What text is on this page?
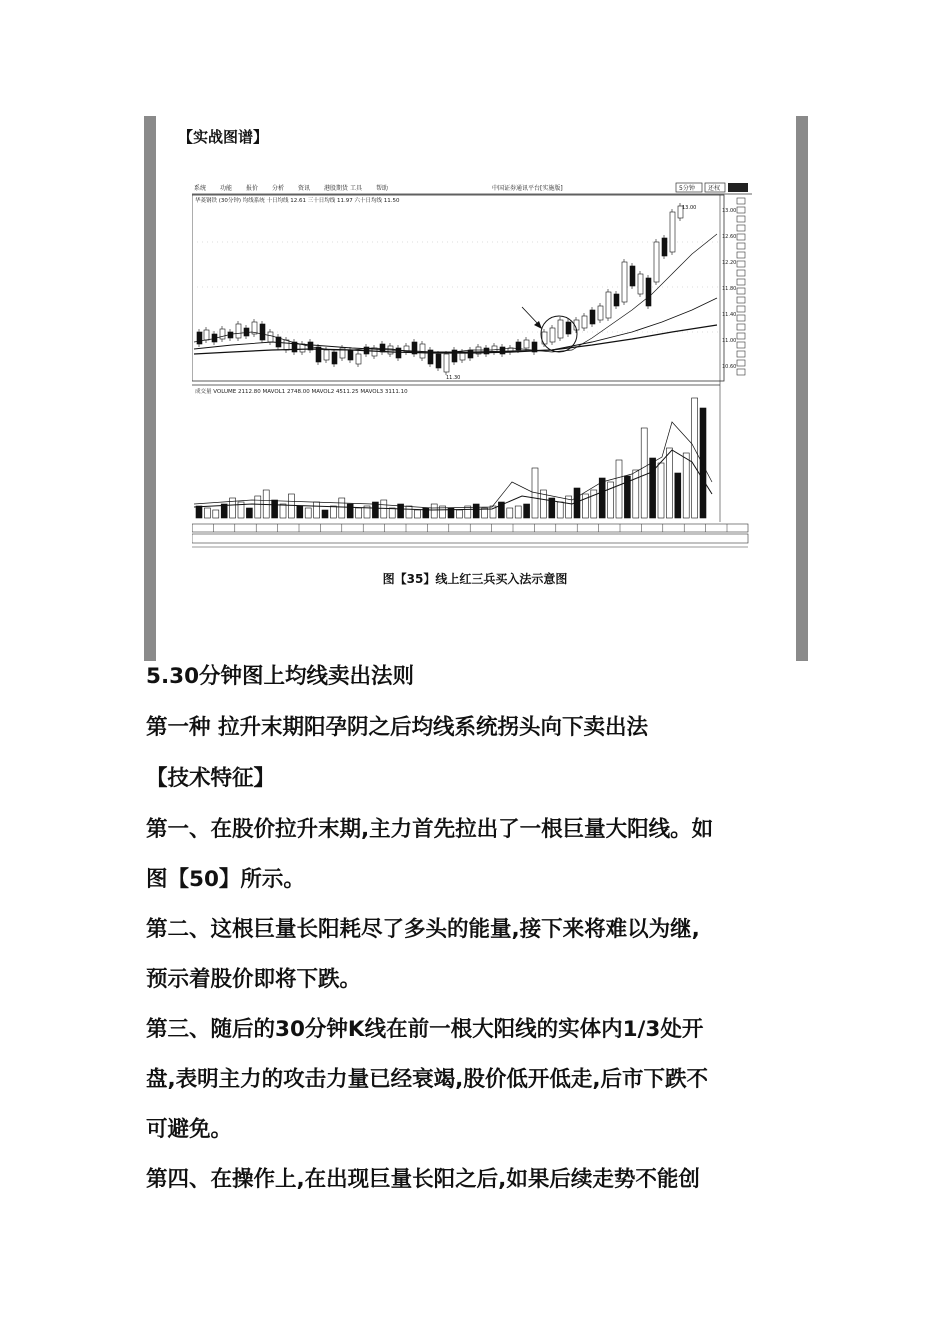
【实战图谱】
系统 功能 报价 分析 资讯 港股期货 工具 帮助	中国证券通讯平台[实施版]	5分钟 还权
华菱钢铁 (30分钟) 均线系统 十日均线 12.61 三十日均线 11.97 六十日均线 11.50
13.00
12.60
12.20
11.80
11.40
11.00
10.60
11.30
13.00
成交量 VOLUME 2112.80 MAVOL1 2748.00 MAVOL2 4511.25 MAVOL3 3111.10
图【35】线上红三兵买入法示意图
5.30分钟图上均线卖出法则
第一种 拉升末期阳孕阴之后均线系统拐头向下卖出法
【技术特征】
第一、在股价拉升末期,主力首先拉出了一根巨量大阳线。如
图【50】所示。
第二、这根巨量长阳耗尽了多头的能量,接下来将难以为继,
预示着股价即将下跌。
第三、随后的30分钟K线在前一根大阳线的实体内1/3处开
盘,表明主力的攻击力量已经衰竭,股价低开低走,后市下跌不
可避免。
第四、在操作上,在出现巨量长阳之后,如果后续走势不能创
